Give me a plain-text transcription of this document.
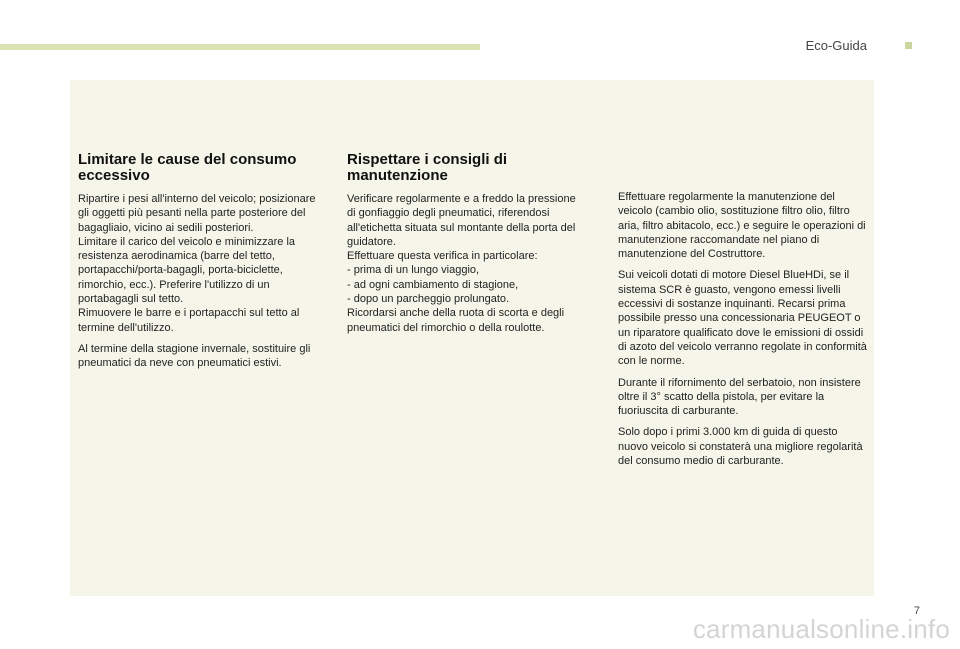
Eco-Guida
Limitare le cause del consumo eccessivo

Ripartire i pesi all'interno del veicolo; posizionare gli oggetti più pesanti nella parte posteriore del bagagliaio, vicino ai sedili posteriori.
Limitare il carico del veicolo e minimizzare la resistenza aerodinamica (barre del tetto, portapacchi/porta-bagagli, porta-biciclette, rimorchio, ecc.). Preferire l'utilizzo di un portabagagli sul tetto.
Rimuovere le barre e i portapacchi sul tetto al termine dell'utilizzo.

Al termine della stagione invernale, sostituire gli pneumatici da neve con pneumatici estivi.

Rispettare i consigli di manutenzione

Verificare regolarmente e a freddo la pressione di gonfiaggio degli pneumatici, riferendosi all'etichetta situata sul montante della porta del guidatore.
Effettuare questa verifica in particolare:
- prima di un lungo viaggio,
- ad ogni cambiamento di stagione,
- dopo un parcheggio prolungato.
Ricordarsi anche della ruota di scorta e degli pneumatici del rimorchio o della roulotte.

Effettuare regolarmente la manutenzione del veicolo (cambio olio, sostituzione filtro olio, filtro aria, filtro abitacolo, ecc.) e seguire le operazioni di manutenzione raccomandate nel piano di manutenzione del Costruttore.

Sui veicoli dotati di motore Diesel BlueHDi, se il sistema SCR è guasto, vengono emessi livelli eccessivi di sostanze inquinanti. Recarsi prima possibile presso una concessionaria PEUGEOT o un riparatore qualificato dove le emissioni di ossidi di azoto del veicolo verranno regolate in conformità con le norme.

Durante il rifornimento del serbatoio, non insistere oltre il 3° scatto della pistola, per evitare la fuoriuscita di carburante.

Solo dopo i primi 3.000 km di guida di questo nuovo veicolo si constaterà una migliore regolarità del consumo medio di carburante.

7
carmanualsonline.info
